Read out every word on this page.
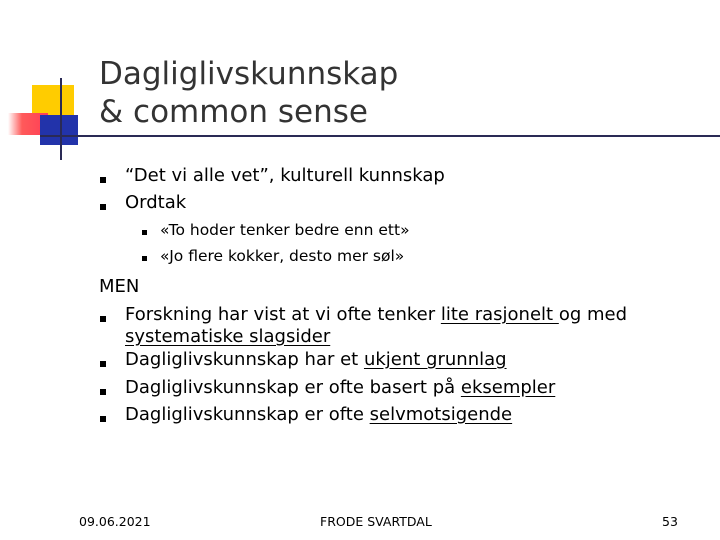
Dagliglivskunnskap
& common sense
“Det vi alle vet”, kulturell kunnskap
Ordtak
«To hoder tenker bedre enn ett»
«Jo flere kokker, desto mer søl»
MEN
Forskning har vist at vi ofte tenker lite rasjonelt og med
systematiske slagsider
Dagliglivskunnskap har et ukjent grunnlag
Dagliglivskunnskap er ofte basert på eksempler
Dagliglivskunnskap er ofte selvmotsigende
09.06.2021	FRODE SVARTDAL	53
